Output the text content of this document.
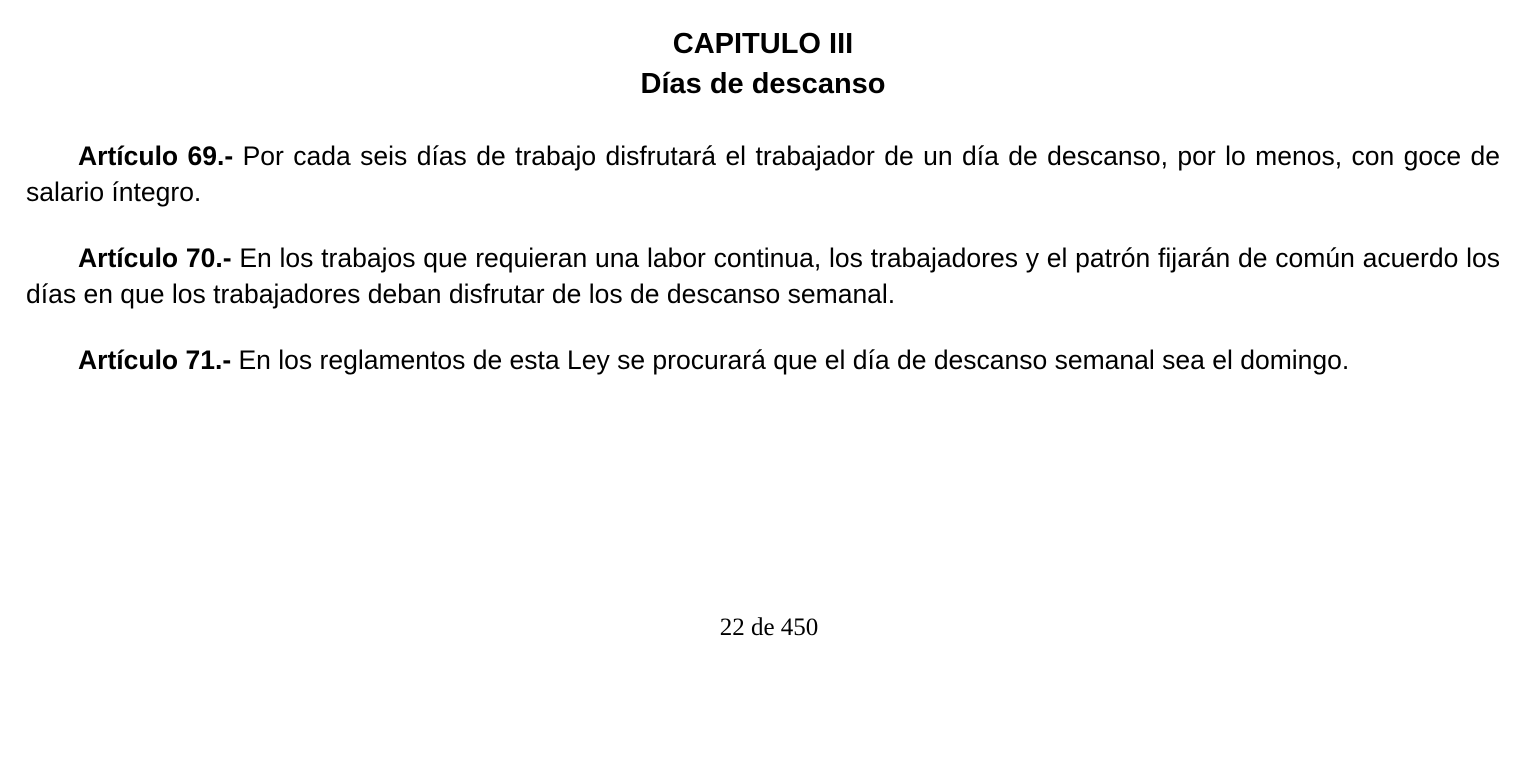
CAPITULO III
Días de descanso

Artículo 69.- Por cada seis días de trabajo disfrutará el trabajador de un día de descanso, por lo menos, con goce de salario íntegro.

Artículo 70.- En los trabajos que requieran una labor continua, los trabajadores y el patrón fijarán de común acuerdo los días en que los trabajadores deban disfrutar de los de descanso semanal.

Artículo 71.- En los reglamentos de esta Ley se procurará que el día de descanso semanal sea el domingo.

22 de 450
